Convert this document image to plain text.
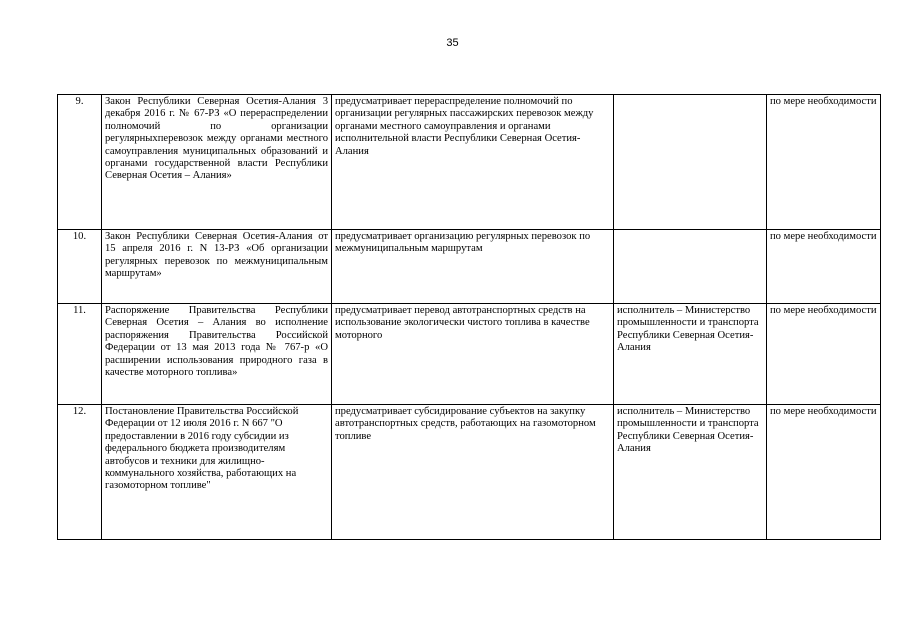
35
9.	Закон Республики Северная Осетия-Алания 3 декабря 2016 г. № 67-РЗ «О перераспределении полномочий по организации регулярныхперевозок между органами местного самоуправления муниципальных образований и органами государственной власти Республики Северная Осетия – Алания»	предусматривает перераспределение полномочий по организации регулярных пассажирских перевозок между органами местного самоуправления и органами исполнительной власти Республики Северная Осетия-Алания		по мере необходимости
10.	Закон Республики Северная Осетия-Алания от 15 апреля 2016 г. N 13-РЗ «Об организации регулярных перевозок по межмуниципальным маршрутам»	предусматривает организацию регулярных перевозок по межмуниципальным маршрутам		по мере необходимости
11.	Распоряжение Правительства Республики Северная Осетия – Алания во исполнение распоряжения Правительства Российской Федерации от 13 мая 2013 года № 767-р «О расширении использования природного газа в качестве моторного топлива»	предусматривает перевод автотранспортных средств на использование экологически чистого топлива в качестве моторного	исполнитель – Министерство промышленности и транспорта Республики Северная Осетия-Алания	по мере необходимости
12.	Постановление Правительства Российской Федерации от 12 июля 2016 г. N 667 "О предоставлении в 2016 году субсидии из федерального бюджета производителям автобусов и техники для жилищно-коммунального хозяйства, работающих на газомоторном топливе"	предусматривает субсидирование субъектов на закупку автотранспортных средств, работающих на газомоторном топливе	исполнитель – Министерство промышленности и транспорта Республики Северная Осетия-Алания	по мере необходимости
